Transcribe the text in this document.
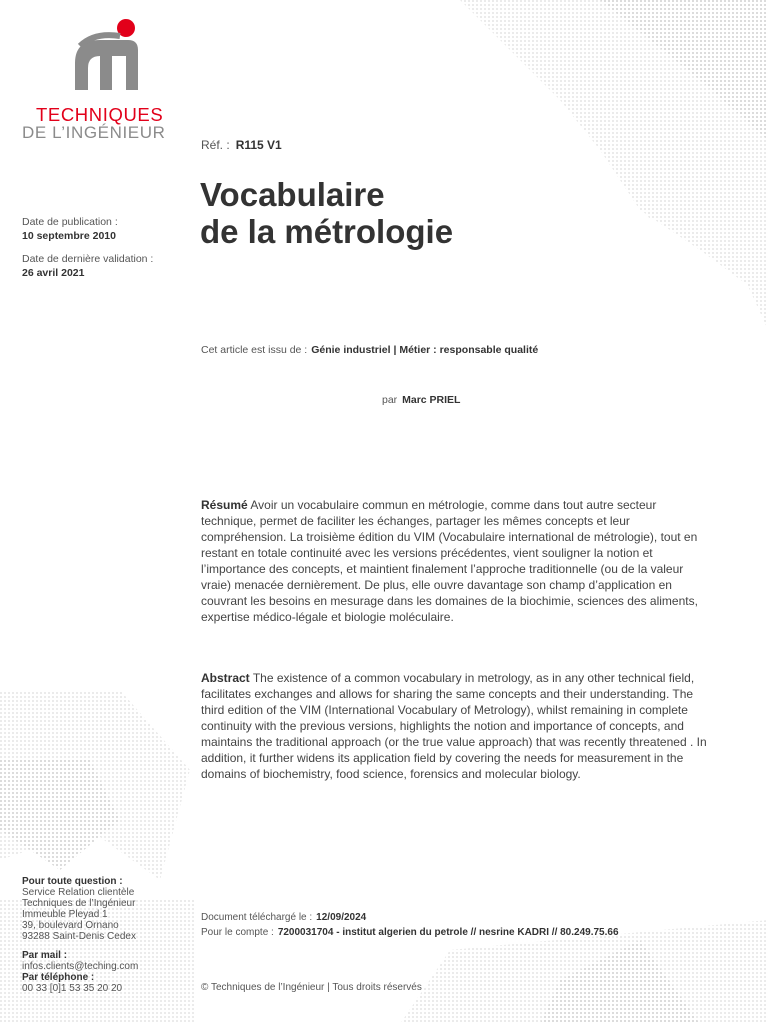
TECHNIQUES
DE L’INGÉNIEUR
Réf. : R115 V1
Vocabulaire
de la métrologie
Date de publication :
10 septembre 2010
Date de dernière validation :
26 avril 2021
Cet article est issu de : Génie industriel | Métier : responsable qualité
par Marc PRIEL
Résumé Avoir un vocabulaire commun en métrologie, comme dans tout autre secteur technique, permet de faciliter les échanges, partager les mêmes concepts et leur compréhension. La troisième édition du VIM (Vocabulaire international de métrologie), tout en restant en totale continuité avec les versions précédentes, vient souligner la notion et l’importance des concepts, et maintient finalement l’approche traditionnelle (ou de la valeur vraie) menacée dernièrement. De plus, elle ouvre davantage son champ d’application en couvrant les besoins en mesurage dans les domaines de la biochimie, sciences des aliments, expertise médico-légale et biologie moléculaire.
Abstract The existence of a common vocabulary in metrology, as in any other technical field, facilitates exchanges and allows for sharing the same concepts and their understanding. The third edition of the VIM (International Vocabulary of Metrology), whilst remaining in complete continuity with the previous versions, highlights the notion and importance of concepts, and maintains the traditional approach (or the true value approach) that was recently threatened . In addition, it further widens its application field by covering the needs for measurement in the domains of biochemistry, food science, forensics and molecular biology.
Pour toute question :
Service Relation clientèle
Techniques de l’Ingénieur
Immeuble Pleyad 1
39, boulevard Ornano
93288 Saint-Denis Cedex
Par mail :
infos.clients@teching.com
Par téléphone :
00 33 [0]1 53 35 20 20
Document téléchargé le : 12/09/2024
Pour le compte : 7200031704 - institut algerien du petrole // nesrine KADRI // 80.249.75.66
© Techniques de l’Ingénieur | Tous droits réservés
